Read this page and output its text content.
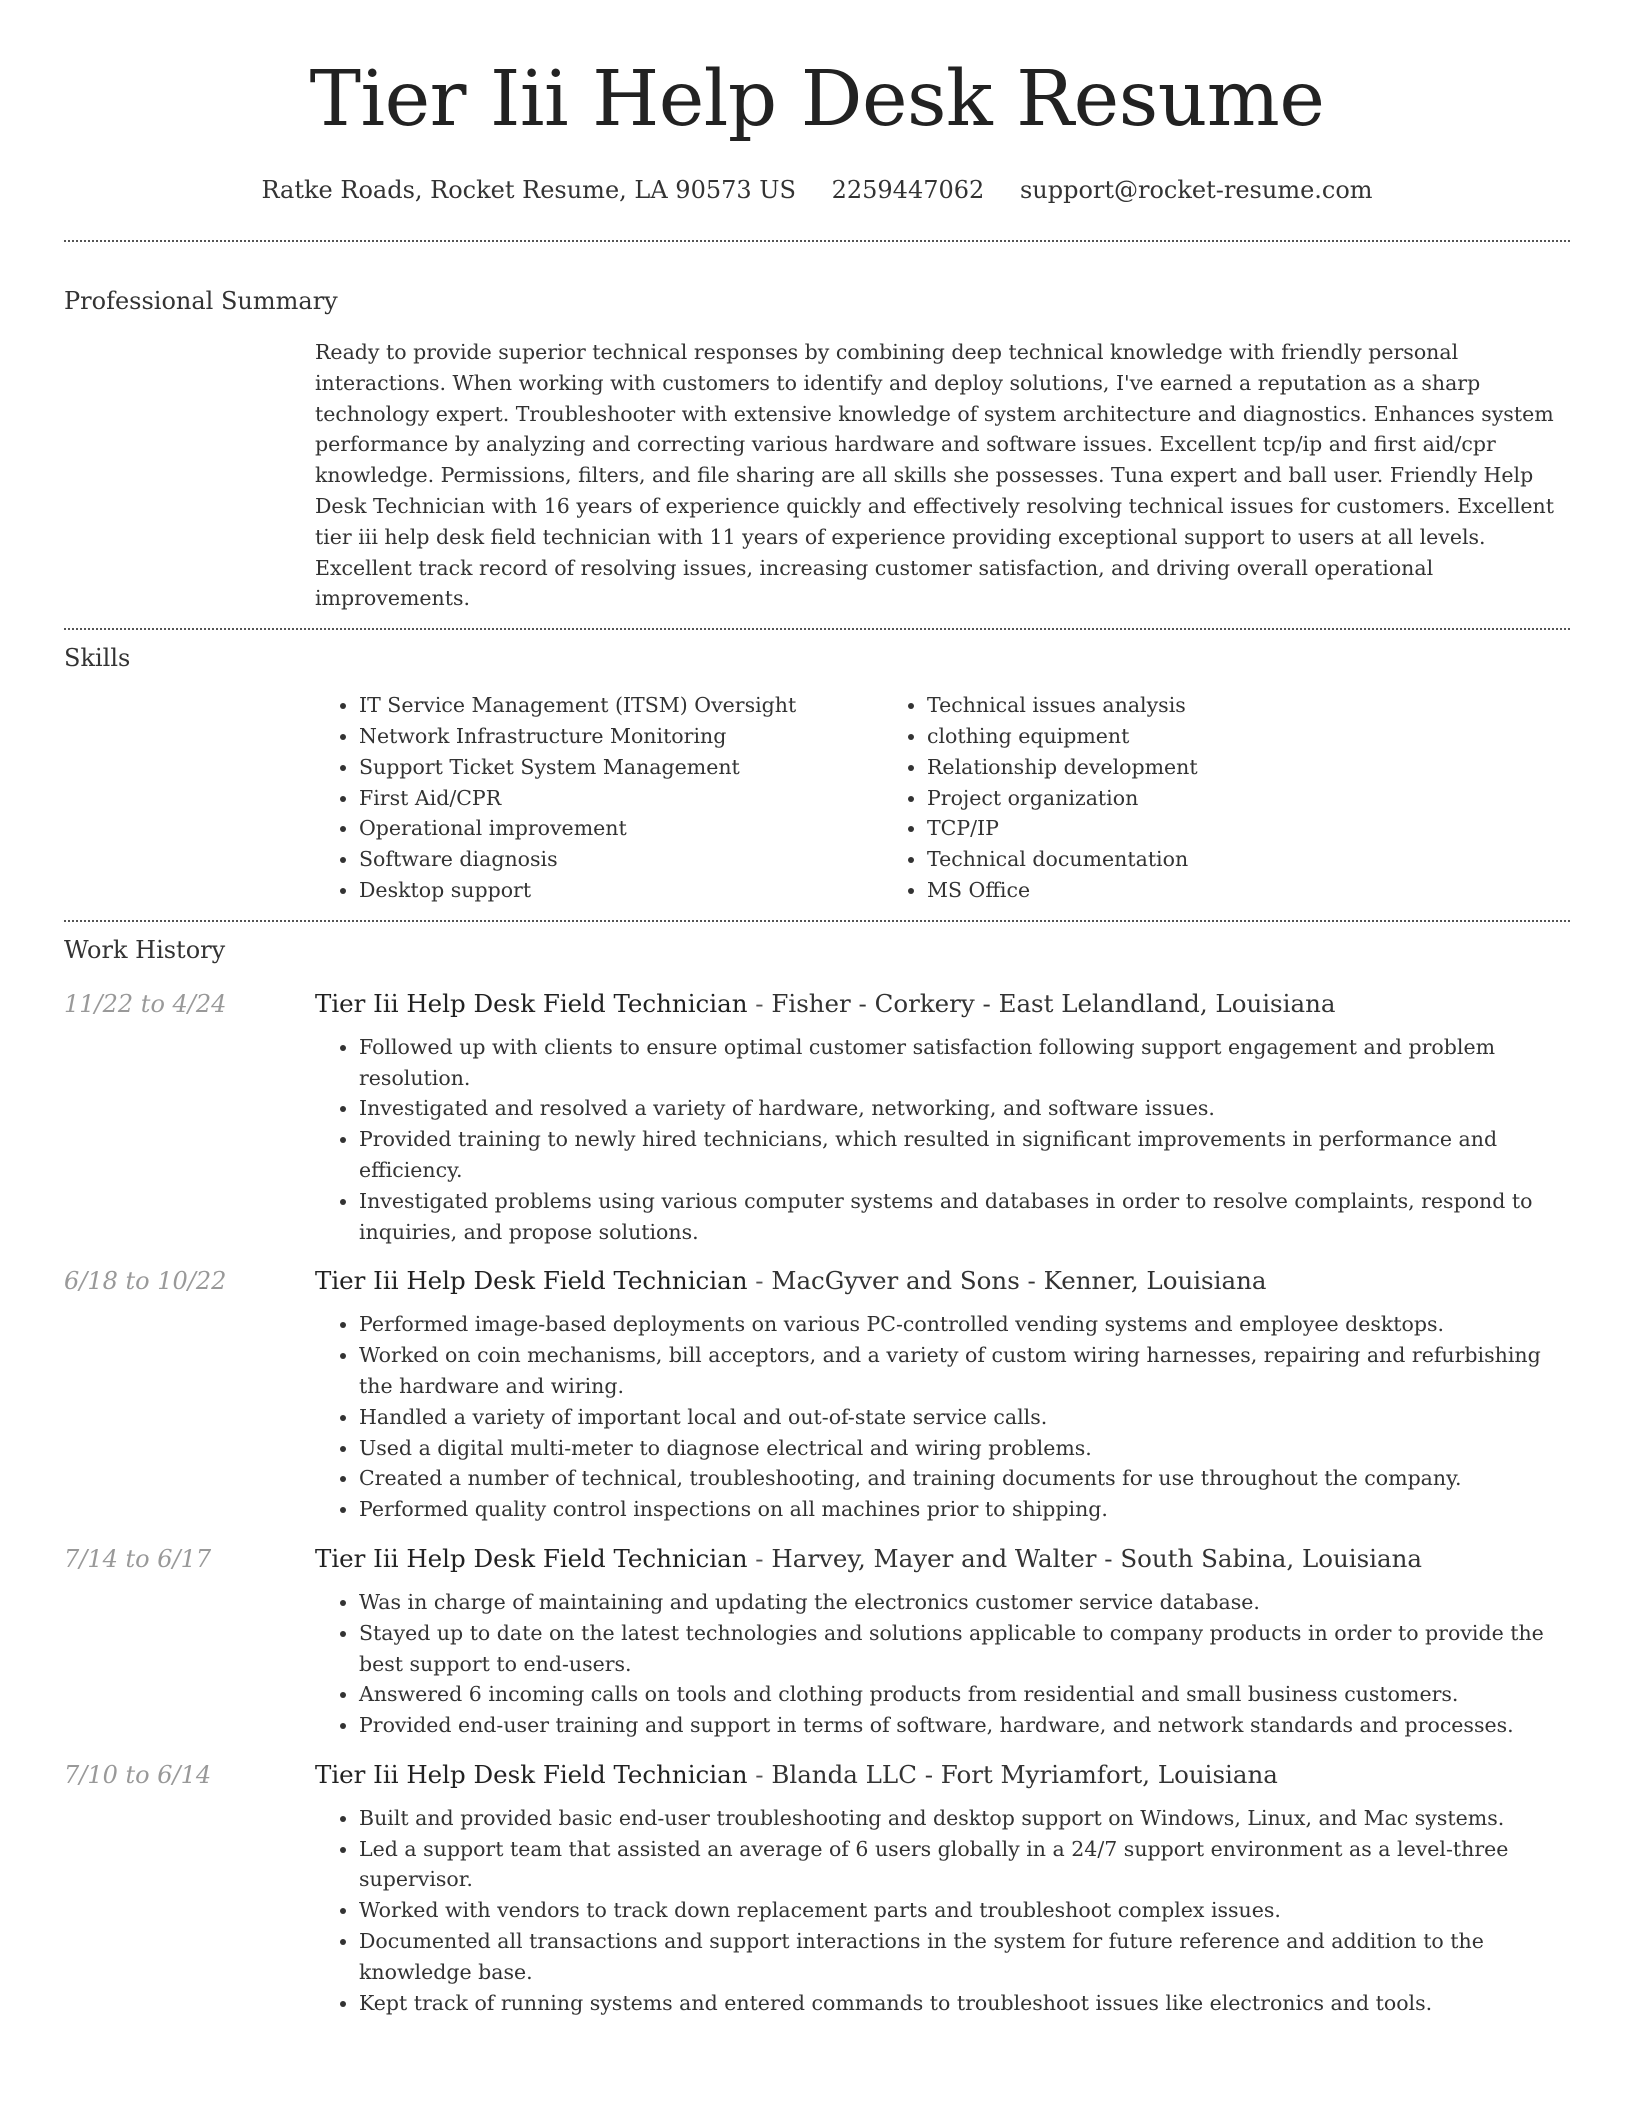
Tier Iii Help Desk Resume
Ratke Roads, Rocket Resume, LA 90573 US 2259447062 support@rocket-resume.com
Professional Summary

Ready to provide superior technical responses by combining deep technical knowledge with friendly personal interactions. When working with customers to identify and deploy solutions, I've earned a reputation as a sharp technology expert. Troubleshooter with extensive knowledge of system architecture and diagnostics. Enhances system performance by analyzing and correcting various hardware and software issues. Excellent tcp/ip and first aid/cpr knowledge. Permissions, filters, and file sharing are all skills she possesses. Tuna expert and ball user. Friendly Help Desk Technician with 16 years of experience quickly and effectively resolving technical issues for customers. Excellent tier iii help desk field technician with 11 years of experience providing exceptional support to users at all levels. Excellent track record of resolving issues, increasing customer satisfaction, and driving overall operational improvements.

Skills
• IT Service Management (ITSM) Oversight
• Network Infrastructure Monitoring
• Support Ticket System Management
• First Aid/CPR
• Operational improvement
• Software diagnosis
• Desktop support
• Technical issues analysis
• clothing equipment
• Relationship development
• Project organization
• TCP/IP
• Technical documentation
• MS Office
Work History
11/22 to 4/24	Tier Iii Help Desk Field Technician - Fisher - Corkery - East Lelandland, Louisiana
• Followed up with clients to ensure optimal customer satisfaction following support engagement and problem resolution.
• Investigated and resolved a variety of hardware, networking, and software issues.
• Provided training to newly hired technicians, which resulted in significant improvements in performance and efficiency.
• Investigated problems using various computer systems and databases in order to resolve complaints, respond to inquiries, and propose solutions.
6/18 to 10/22	Tier Iii Help Desk Field Technician - MacGyver and Sons - Kenner, Louisiana
• Performed image-based deployments on various PC-controlled vending systems and employee desktops.
• Worked on coin mechanisms, bill acceptors, and a variety of custom wiring harnesses, repairing and refurbishing the hardware and wiring.
• Handled a variety of important local and out-of-state service calls.
• Used a digital multi-meter to diagnose electrical and wiring problems.
• Created a number of technical, troubleshooting, and training documents for use throughout the company.
• Performed quality control inspections on all machines prior to shipping.
7/14 to 6/17	Tier Iii Help Desk Field Technician - Harvey, Mayer and Walter - South Sabina, Louisiana
• Was in charge of maintaining and updating the electronics customer service database.
• Stayed up to date on the latest technologies and solutions applicable to company products in order to provide the best support to end-users.
• Answered 6 incoming calls on tools and clothing products from residential and small business customers.
• Provided end-user training and support in terms of software, hardware, and network standards and processes.
7/10 to 6/14	Tier Iii Help Desk Field Technician - Blanda LLC - Fort Myriamfort, Louisiana
• Built and provided basic end-user troubleshooting and desktop support on Windows, Linux, and Mac systems.
• Led a support team that assisted an average of 6 users globally in a 24/7 support environment as a level-three supervisor.
• Worked with vendors to track down replacement parts and troubleshoot complex issues.
• Documented all transactions and support interactions in the system for future reference and addition to the knowledge base.
• Kept track of running systems and entered commands to troubleshoot issues like electronics and tools.
